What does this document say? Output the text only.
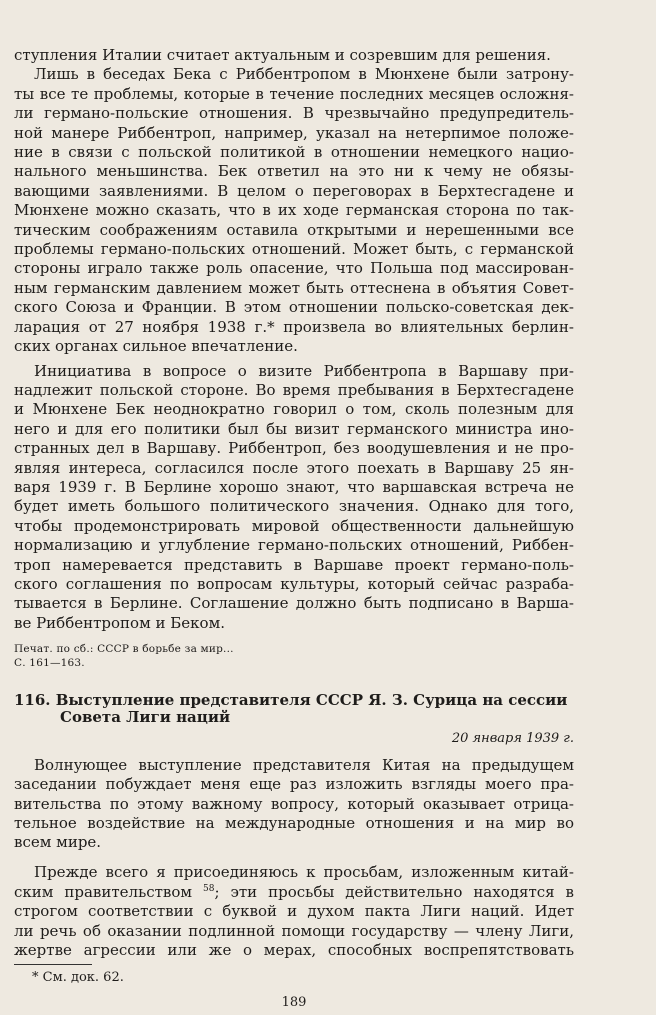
ступления Италии считает актуальным и созревшим для решения.
Лишь в беседах Бека с Риббентропом в Мюнхене были затрону-
ты все те проблемы, которые в течение последних месяцев осложня-
ли германо-польские отношения. В чрезвычайно предупредитель-
ной манере Риббентроп, например, указал на нетерпимое положе-
ние в связи с польской политикой в отношении немецкого нацио-
нального меньшинства. Бек ответил на это ни к чему не обязы-
вающими заявлениями. В целом о переговорах в Берхтесгадене и
Мюнхене можно сказать, что в их ходе германская сторона по так-
тическим соображениям оставила открытыми и нерешенными все
проблемы германо-польских отношений. Может быть, с германской
стороны играло также роль опасение, что Польша под массирован-
ным германским давлением может быть оттеснена в объятия Совет-
ского Союза и Франции. В этом отношении польско-советская дек-
ларация от 27 ноября 1938 г.* произвела во влиятельных берлин-
ских органах сильное впечатление.
Инициатива в вопросе о визите Риббентропа в Варшаву при-
надлежит польской стороне. Во время пребывания в Берхтесгадене
и Мюнхене Бек неоднократно говорил о том, сколь полезным для
него и для его политики был бы визит германского министра ино-
странных дел в Варшаву. Риббентроп, без воодушевления и не про-
являя интереса, согласился после этого поехать в Варшаву 25 ян-
варя 1939 г. В Берлине хорошо знают, что варшавская встреча не
будет иметь большого политического значения. Однако для того,
чтобы продемонстрировать мировой общественности дальнейшую
нормализацию и углубление германо-польских отношений, Риббен-
троп намеревается представить в Варшаве проект германо-поль-
ского соглашения по вопросам культуры, который сейчас разраба-
тывается в Берлине. Соглашение должно быть подписано в Варша-
ве Риббентропом и Беком.
Печат. по сб.: СССР в борьбе за мир...
С. 161—163.
116. Выступление представителя СССР Я. З. Сурица на сессии
Совета Лиги наций
20 января 1939 г.
Волнующее выступление представителя Китая на предыдущем
заседании побуждает меня еще раз изложить взгляды моего пра-
вительства по этому важному вопросу, который оказывает отрица-
тельное воздействие на международные отношения и на мир во
всем мире.
Прежде всего я присоединяюсь к просьбам, изложенным китай-
ским правительством $^{58}$; эти просьбы действительно находятся в
строгом соответствии с буквой и духом пакта Лиги наций. Идет
ли речь об оказании подлинной помощи государству — члену Лиги,
жертве агрессии или же о мерах, способных воспрепятствовать
* См. док. 62.
189
